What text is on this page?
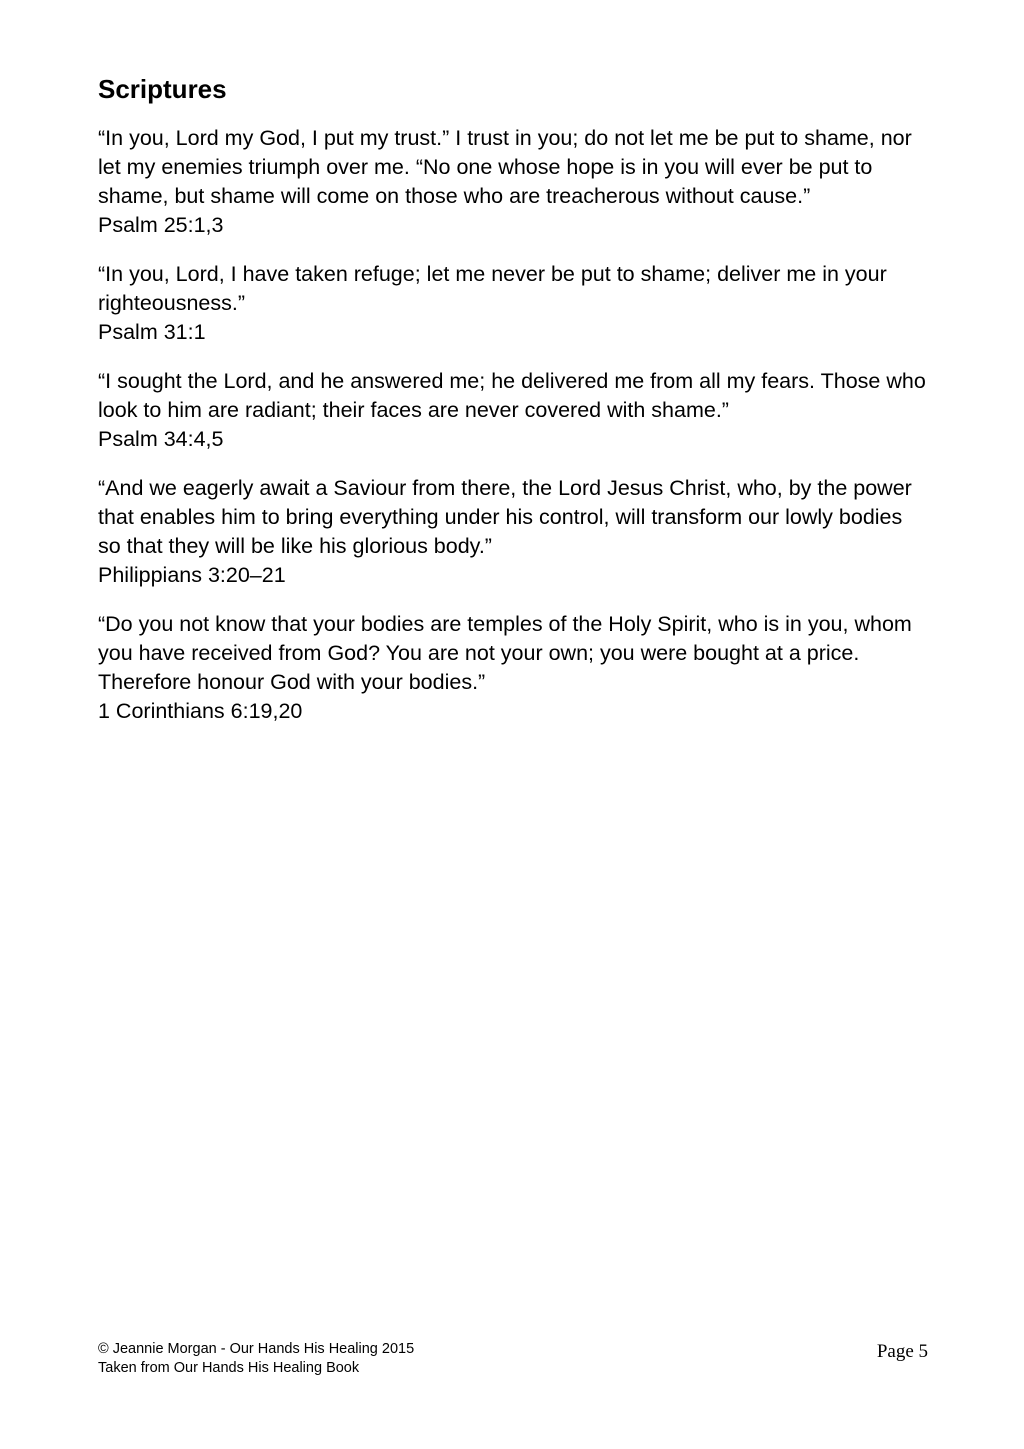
Scriptures
“In you, Lord my God, I put my trust.” I trust in you; do not let me be put to shame, nor let my enemies triumph over me. “No one whose hope is in you will ever be put to shame, but shame will come on those who are treacherous without cause.”
Psalm 25:1,3
“In you, Lord, I have taken refuge; let me never be put to shame; deliver me in your righteousness.”
Psalm 31:1
“I sought the Lord, and he answered me; he delivered me from all my fears. Those who look to him are radiant; their faces are never covered with shame.”
Psalm 34:4,5
“And we eagerly await a Saviour from there, the Lord Jesus Christ, who, by the power that enables him to bring everything under his control, will transform our lowly bodies so that they will be like his glorious body.”
Philippians 3:20–21
“Do you not know that your bodies are temples of the Holy Spirit, who is in you, whom you have received from God? You are not your own; you were bought at a price. Therefore honour God with your bodies.”
1 Corinthians 6:19,20
© Jeannie Morgan - Our Hands His Healing 2015
Taken from Our Hands His Healing Book
Page 5
